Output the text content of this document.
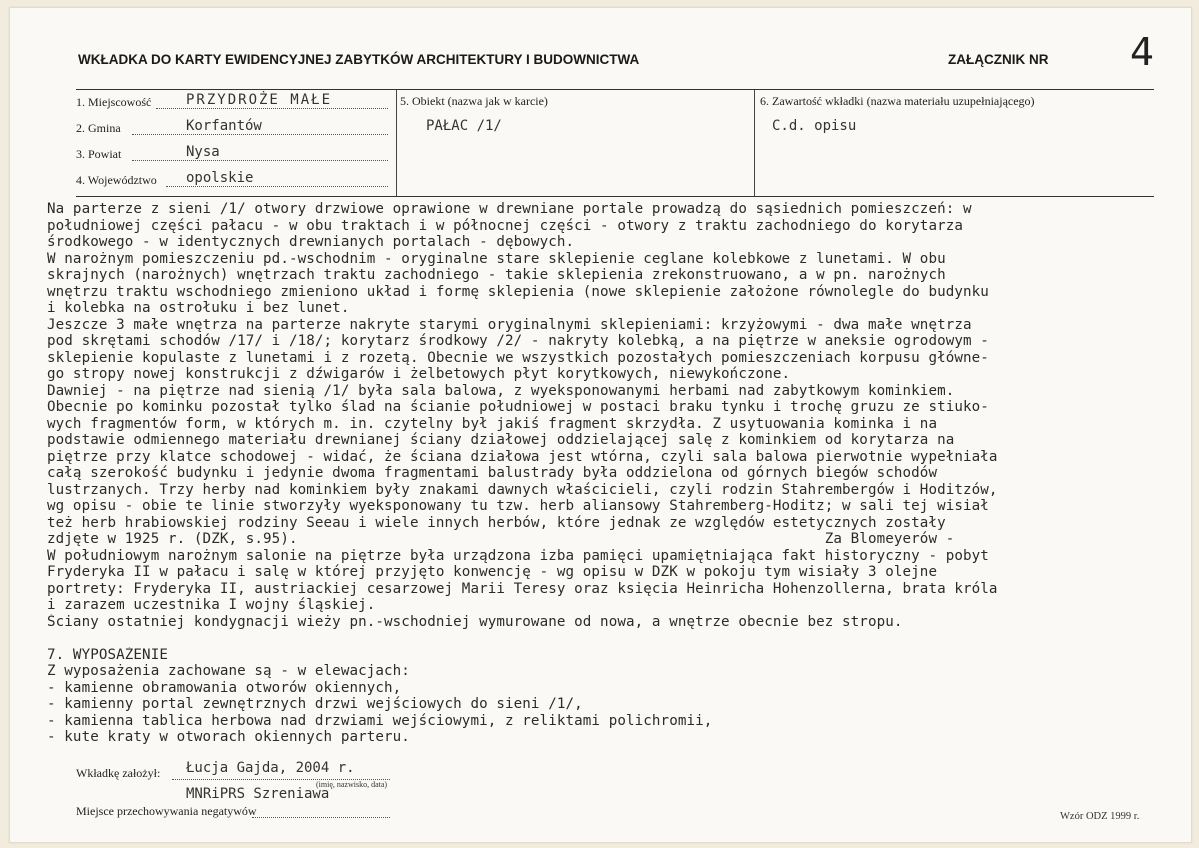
WKŁADKA DO KARTY EWIDENCYJNEJ ZABYTKÓW ARCHITEKTURY I BUDOWNICTWA	ZAŁĄCZNIK NR 4
1. Miejscowość PRZYDROŻE MAŁE
2. Gmina	Korfantów
3. Powiat	Nysa
4. Województwo opolskie
5. Obiekt (nazwa jak w karcie)
PAŁAC /1/
6. Zawartość wkładki (nazwa materiału uzupełniającego)
C.d. opisu
Na parterze z sieni /1/ otwory drzwiowe oprawione w drewniane portale prowadzą do sąsiednich pomieszczeń: w
południowej części pałacu - w obu traktach i w północnej części - otwory z traktu zachodniego do korytarza
środkowego - w identycznych drewnianych portalach - dębowych.
W narożnym pomieszczeniu pd.-wschodnim - oryginalne stare sklepienie ceglane kolebkowe z lunetami. W obu
skrajnych (narożnych) wnętrzach traktu zachodniego - takie sklepienia zrekonstruowano, a w pn. narożnych
wnętrzu traktu wschodniego zmieniono układ i formę sklepienia (nowe sklepienie założone równolegle do budynku
i kolebka na ostrołuku i bez lunet.
Jeszcze 3 małe wnętrza na parterze nakryte starymi oryginalnymi sklepieniami: krzyżowymi - dwa małe wnętrza
pod skrętami schodów /17/ i /18/; korytarz środkowy /2/ - nakryty kolebką, a na piętrze w aneksie ogrodowym -
sklepienie kopulaste z lunetami i z rozetą. Obecnie we wszystkich pozostałych pomieszczeniach korpusu główne-
go stropy nowej konstrukcji z dźwigarów i żelbetowych płyt korytkowych, niewykończone.
Dawniej - na piętrze nad sienią /1/ była sala balowa, z wyeksponowanymi herbami nad zabytkowym kominkiem.
Obecnie po kominku pozostał tylko ślad na ścianie południowej w postaci braku tynku i trochę gruzu ze stiuko-
wych fragmentów form, w których m. in. czytelny był jakiś fragment skrzydła. Z usytuowania kominka i na
podstawie odmiennego materiału drewnianej ściany działowej oddzielającej salę z kominkiem od korytarza na
piętrze przy klatce schodowej - widać, że ściana działowa jest wtórna, czyli sala balowa pierwotnie wypełniała
całą szerokość budynku i jedynie dwoma fragmentami balustrady była oddzielona od górnych biegów schodów
lustrzanych. Trzy herby nad kominkiem były znakami dawnych właścicieli, czyli rodzin Stahrembergów i Hoditzów,
wg opisu - obie te linie stworzyły wyeksponowany tu tzw. herb aliansowy Stahremberg-Hoditz; w sali tej wisiał
też herb hrabiowskiej rodziny Seeau i wiele innych herbów, które jednak ze względów estetycznych zostały
zdjęte w 1925 r. (DZK, s.95).                                                             Za Blomeyerów -
W południowym narożnym salonie na piętrze była urządzona izba pamięci upamiętniająca fakt historyczny - pobyt
Fryderyka II w pałacu i salę w której przyjęto konwencję - wg opisu w DZK w pokoju tym wisiały 3 olejne
portrety: Fryderyka II, austriackiej cesarzowej Marii Teresy oraz księcia Heinricha Hohenzollerna, brata króla
i zarazem uczestnika I wojny śląskiej.
Ściany ostatniej kondygnacji wieży pn.-wschodniej wymurowane od nowa, a wnętrze obecnie bez stropu.
7. WYPOSAŻENIE
Z wyposażenia zachowane są - w elewacjach:
- kamienne obramowania otworów okiennych,
- kamienny portal zewnętrznych drzwi wejściowych do sieni /1/,
- kamienna tablica herbowa nad drzwiami wejściowymi, z reliktami polichromii,
- kute kraty w otworach okiennych parteru.
Wkładkę założył: Łucja Gajda, 2004 r.
(imię, nazwisko, data)
MNRiPRS Szreniawa
Miejsce przechowywania negatywów	Wzór ODZ 1999 r.
